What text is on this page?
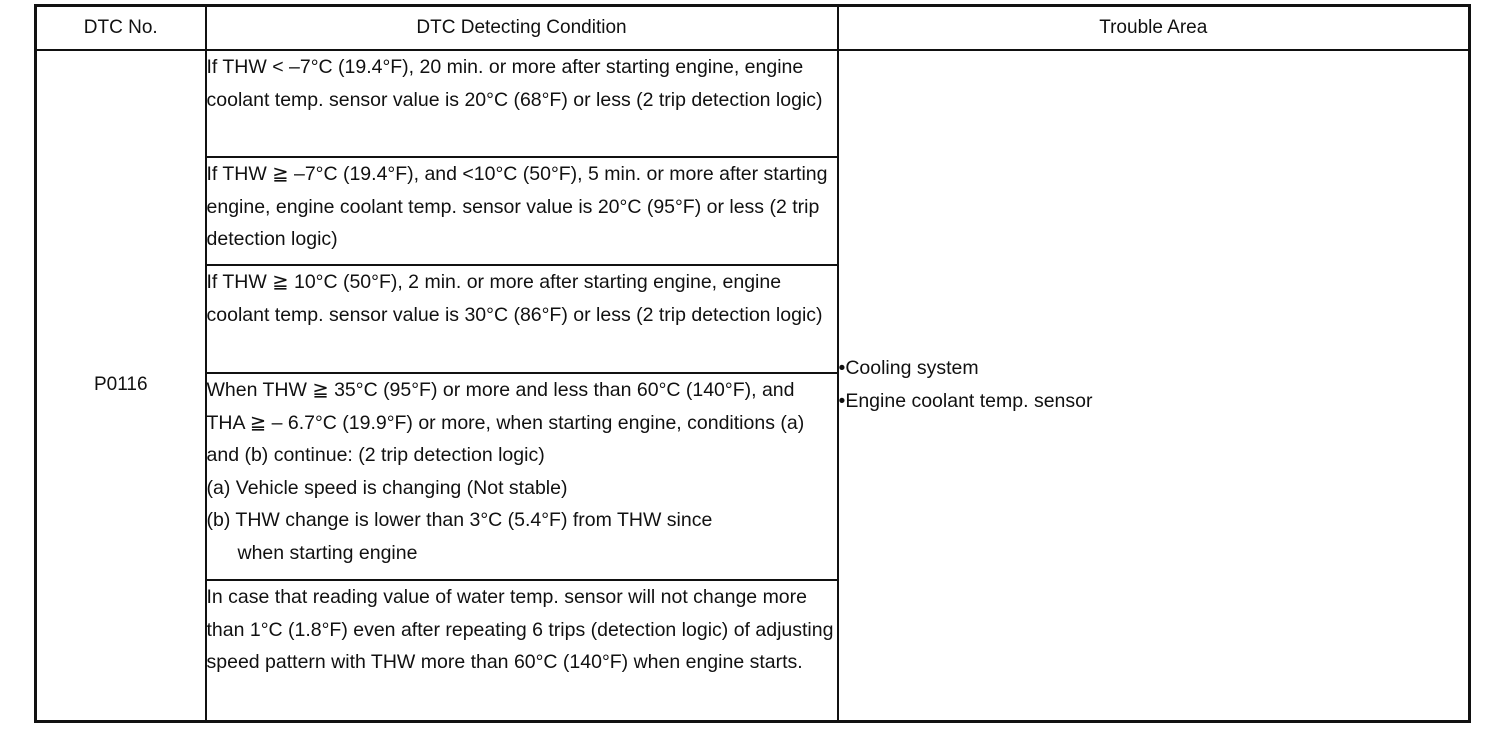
DTC No.	DTC Detecting Condition	Trouble Area
P0116	If THW < –7°C (19.4°F), 20 min. or more after starting engine, engine coolant temp. sensor value is 20°C (68°F) or less (2 trip detection logic)	•Cooling system
•Engine coolant temp. sensor

	If THW ≧ –7°C (19.4°F), and <10°C (50°F), 5 min. or more after starting engine, engine coolant temp. sensor value is 20°C (95°F) or less (2 trip detection logic)	
	If THW ≧ 10°C (50°F), 2 min. or more after starting engine, engine coolant temp. sensor value is 30°C (86°F) or less (2 trip detection logic)	
	When THW ≧ 35°C (95°F) or more and less than 60°C (140°F), and THA ≧ – 6.7°C (19.9°F) or more, when starting engine, conditions (a) and (b) continue: (2 trip detection logic)
(a) Vehicle speed is changing (Not stable)
(b) THW change is lower than 3°C (5.4°F) from THW since
when starting engine	

	In case that reading value of water temp. sensor will not change more than 1°C (1.8°F) even after repeating 6 trips (detection logic) of adjusting speed pattern with THW more than 60°C (140°F) when engine starts.	
